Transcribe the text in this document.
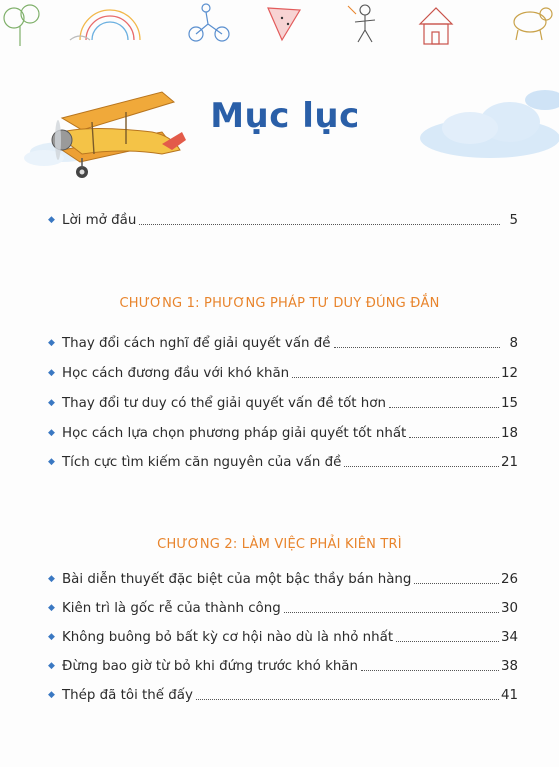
Mục lục
◆ Lời mở đầu	5
CHƯƠNG 1: PHƯƠNG PHÁP TƯ DUY ĐÚNG ĐẮN
◆ Thay đổi cách nghĩ để giải quyết vấn đề	8
◆ Học cách đương đầu với khó khăn	12
◆ Thay đổi tư duy có thể giải quyết vấn đề tốt hơn	15
◆ Học cách lựa chọn phương pháp giải quyết tốt nhất	18
◆ Tích cực tìm kiếm căn nguyên của vấn đề	21
CHƯƠNG 2: LÀM VIỆC PHẢI KIÊN TRÌ
◆ Bài diễn thuyết đặc biệt của một bậc thầy bán hàng	26
◆ Kiên trì là gốc rễ của thành công	30
◆ Không buông bỏ bất kỳ cơ hội nào dù là nhỏ nhất	34
◆ Đừng bao giờ từ bỏ khi đứng trước khó khăn	38
◆ Thép đã tôi thế đấy	41
